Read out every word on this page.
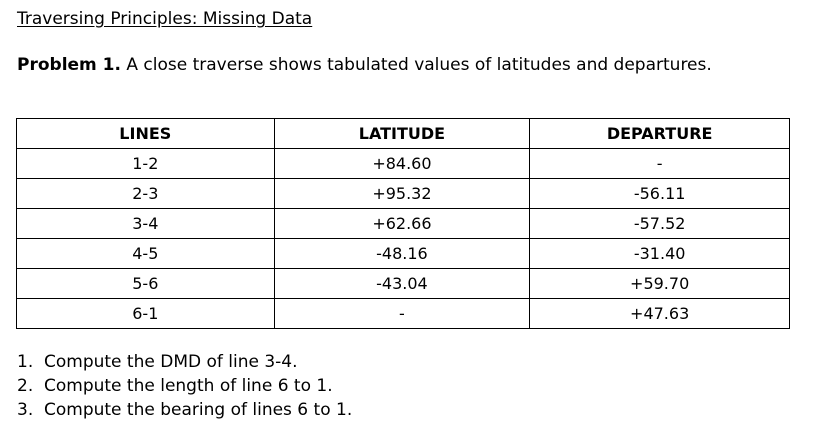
Traversing Principles: Missing Data
Problem 1. A close traverse shows tabulated values of latitudes and departures.
LINES	LATITUDE	DEPARTURE
1-2	+84.60	-
2-3	+95.32	-56.11
3-4	+62.66	-57.52
4-5	-48.16	-31.40
5-6	-43.04	+59.70
6-1	-	+47.63
1. Compute the DMD of line 3-4.
2. Compute the length of line 6 to 1.
3. Compute the bearing of lines 6 to 1.
